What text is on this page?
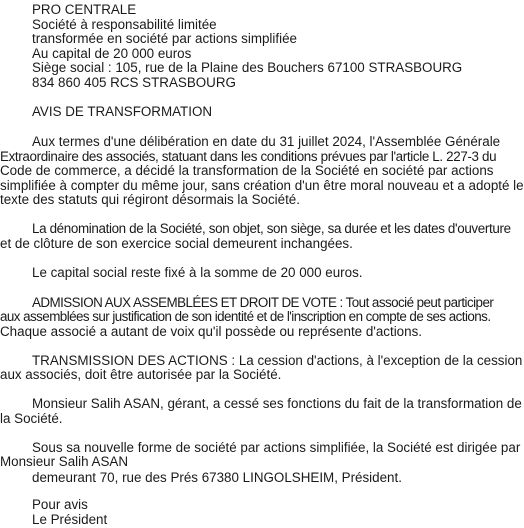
PRO CENTRALE
Société à responsabilité limitée
transformée en société par actions simplifiée
Au capital de 20 000 euros
Siège social : 105, rue de la Plaine des Bouchers 67100 STRASBOURG
834 860 405 RCS STRASBOURG
AVIS DE TRANSFORMATION
Aux termes d'une délibération en date du 31 juillet 2024, l'Assemblée Générale
Extraordinaire des associés, statuant dans les conditions prévues par l'article L. 227-3 du
Code de commerce, a décidé la transformation de la Société en société par actions
simplifiée à compter du même jour, sans création d'un être moral nouveau et a adopté le
texte des statuts qui régiront désormais la Société.
La dénomination de la Société, son objet, son siège, sa durée et les dates d'ouverture
et de clôture de son exercice social demeurent inchangées.
Le capital social reste fixé à la somme de 20 000 euros.
ADMISSION AUX ASSEMBLÉES ET DROIT DE VOTE : Tout associé peut participer
aux assemblées sur justification de son identité et de l'inscription en compte de ses actions.
Chaque associé a autant de voix qu'il possède ou représente d'actions.
TRANSMISSION DES ACTIONS : La cession d'actions, à l'exception de la cession
aux associés, doit être autorisée par la Société.
Monsieur Salih ASAN, gérant, a cessé ses fonctions du fait de la transformation de
la Société.
Sous sa nouvelle forme de société par actions simplifiée, la Société est dirigée par
Monsieur Salih ASAN
demeurant 70, rue des Prés 67380 LINGOLSHEIM, Président.
Pour avis
Le Président
